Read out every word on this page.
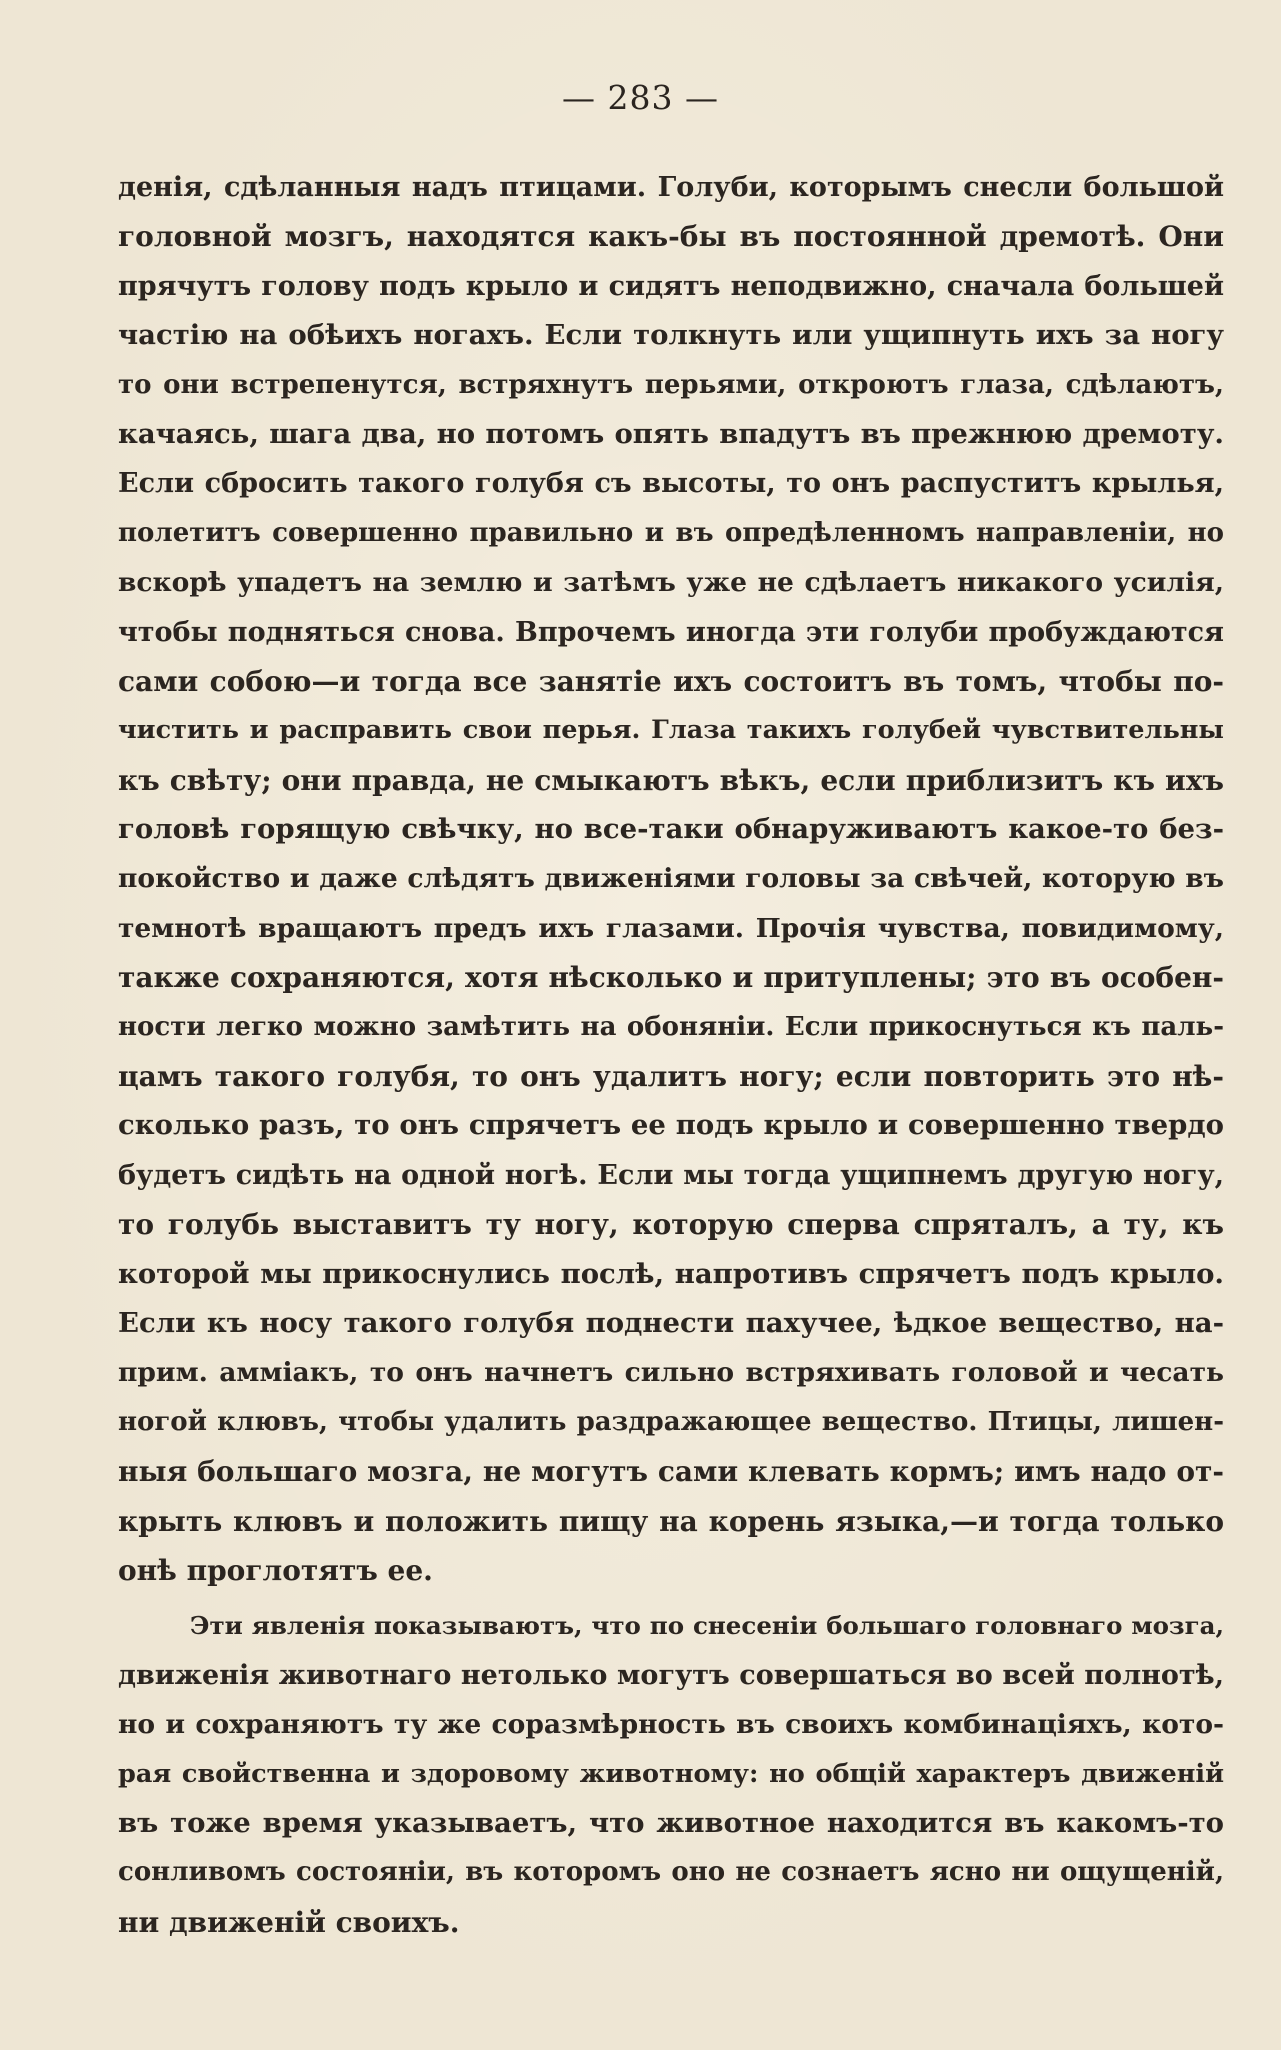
— 283 —
денія, сдѣланныя надъ птицами. Голуби, которымъ снесли большой
головной мозгъ, находятся какъ-бы въ постоянной дремотѣ. Они
прячутъ голову подъ крыло и сидятъ неподвижно, сначала большей
частію на обѣихъ ногахъ. Если толкнуть или ущипнуть ихъ за ногу
то они встрепенутся, встряхнутъ перьями, откроютъ глаза, сдѣлаютъ,
качаясь, шага два, но потомъ опять впадутъ въ прежнюю дремоту.
Если сбросить такого голубя съ высоты, то онъ распуститъ крылья,
полетитъ совершенно правильно и въ опредѣленномъ направленіи, но
вскорѣ упадетъ на землю и затѣмъ уже не сдѣлаетъ никакого усилія,
чтобы подняться снова. Впрочемъ иногда эти голуби пробуждаются
сами собою—и тогда все занятіе ихъ состоитъ въ томъ, чтобы по-
чистить и расправить свои перья. Глаза такихъ голубей чувствительны
къ свѣту; они правда, не смыкаютъ вѣкъ, если приблизитъ къ ихъ
головѣ горящую свѣчку, но все-таки обнаруживаютъ какое-то без-
покойство и даже слѣдятъ движеніями головы за свѣчей, которую въ
темнотѣ вращаютъ предъ ихъ глазами. Прочія чувства, повидимому,
также сохраняются, хотя нѣсколько и притуплены; это въ особен-
ности легко можно замѣтить на обоняніи. Если прикоснуться къ паль-
цамъ такого голубя, то онъ удалитъ ногу; если повторить это нѣ-
сколько разъ, то онъ спрячетъ ее подъ крыло и совершенно твердо
будетъ сидѣть на одной ногѣ. Если мы тогда ущипнемъ другую ногу,
то голубь выставитъ ту ногу, которую сперва спряталъ, а ту, къ
которой мы прикоснулись послѣ, напротивъ спрячетъ подъ крыло.
Если къ носу такого голубя поднести пахучее, ѣдкое вещество, на-
прим. аммiакъ, то онъ начнетъ сильно встряхивать головой и чесать
ногой клювъ, чтобы удалить раздражающее вещество. Птицы, лишен-
ныя большаго мозга, не могутъ сами клевать кормъ; имъ надо от-
крыть клювъ и положить пищу на корень языка,—и тогда только
онѣ проглотятъ ее.
Эти явленія показываютъ, что по снесеніи большаго головнаго мозга,
движенія животнаго нетолько могутъ совершаться во всей полнотѣ,
но и сохраняютъ ту же соразмѣрность въ своихъ комбинаціяхъ, кото-
рая свойственна и здоровому животному: но общій характеръ движеній
въ тоже время указываетъ, что животное находится въ какомъ-то
сонливомъ состояніи, въ которомъ оно не сознаетъ ясно ни ощущеній,
ни движеній своихъ.
